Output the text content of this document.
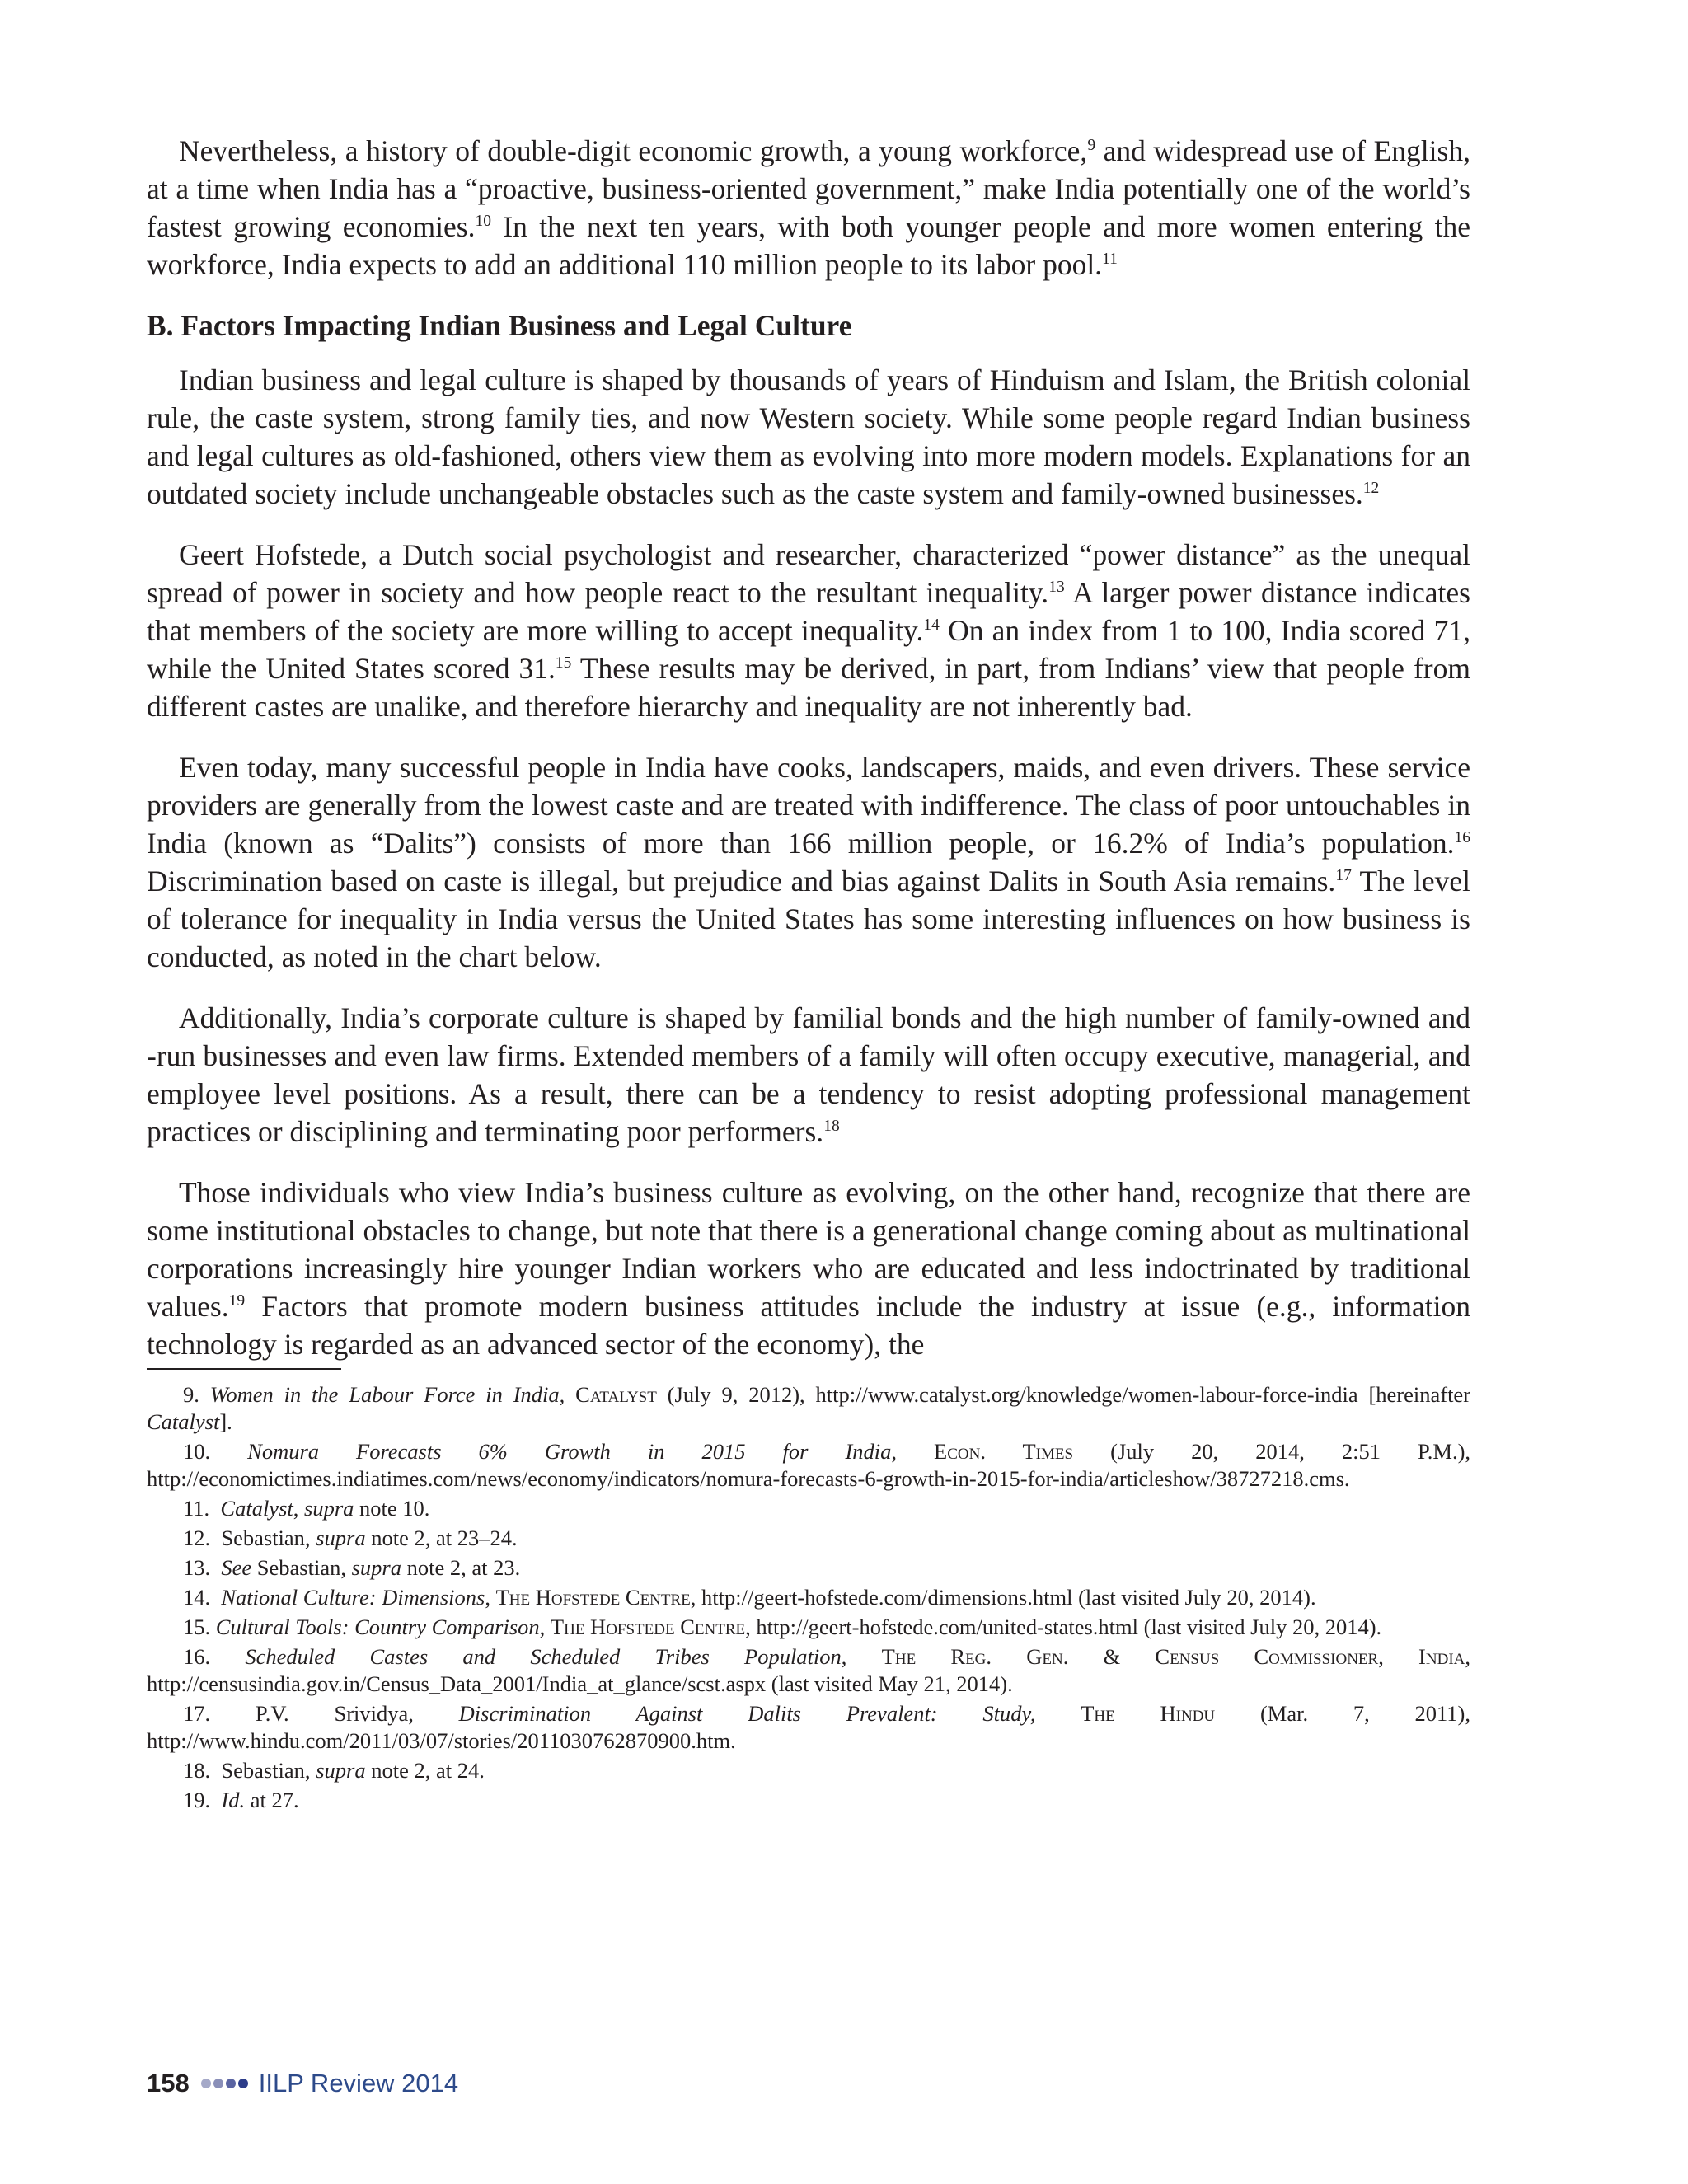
Nevertheless, a history of double-digit economic growth, a young workforce,$^9$ and widespread use of English, at a time when India has a “proactive, business-oriented government,” make India potentially one of the world’s fastest growing economies.$^{10}$ In the next ten years, with both younger people and more women entering the workforce, India expects to add an additional 110 million people to its labor pool.$^{11}$

B. Factors Impacting Indian Business and Legal Culture

Indian business and legal culture is shaped by thousands of years of Hinduism and Islam, the British colonial rule, the caste system, strong family ties, and now Western society. While some people regard Indian business and legal cultures as old-fashioned, others view them as evolving into more modern models. Explanations for an outdated society include unchangeable obstacles such as the caste system and family-owned businesses.$^{12}$

Geert Hofstede, a Dutch social psychologist and researcher, characterized “power distance” as the unequal spread of power in society and how people react to the resultant inequality.$^{13}$ A larger power distance indicates that members of the society are more willing to accept inequality.$^{14}$ On an index from 1 to 100, India scored 71, while the United States scored 31.15 These results may be derived, in part, from Indians’ view that people from different castes are unalike, and therefore hierarchy and inequality are not inherently bad.

Even today, many successful people in India have cooks, landscapers, maids, and even drivers. These service providers are generally from the lowest caste and are treated with indifference. The class of poor untouchables in India (known as “Dalits”) consists of more than 166 million people, or 16.2% of India’s population.$^{16}$ Discrimination based on caste is illegal, but prejudice and bias against Dalits in South Asia remains.$^{17}$ The level of tolerance for inequality in India versus the United States has some interesting influences on how business is conducted, as noted in the chart below.

Additionally, India’s corporate culture is shaped by familial bonds and the high number of family-owned and -run businesses and even law firms. Extended members of a family will often occupy executive, managerial, and employee level positions. As a result, there can be a tendency to resist adopting professional management practices or disciplining and terminating poor performers.$^{18}$

Those individuals who view India’s business culture as evolving, on the other hand, recognize that there are some institutional obstacles to change, but note that there is a generational change coming about as multinational corporations increasingly hire younger Indian workers who are educated and less indoctrinated by traditional values.$^{19}$ Factors that promote modern business attitudes include the industry at issue (e.g., information technology is regarded as an advanced sector of the economy), the

9. Women in the Labour Force in India, Catalyst (July 9, 2012), http://www.catalyst.org/knowledge/women-labour-force-india [hereinafter Catalyst].

10. Nomura Forecasts 6% Growth in 2015 for India, Econ. Times (July 20, 2014, 2:51 P.M.), http://economictimes.indiatimes.com/news/economy/indicators/nomura-forecasts-6-growth-in-2015-for-india/articleshow/38727218.cms.

11. Catalyst, supra note 10.

12. Sebastian, supra note 2, at 23–24.

13. See Sebastian, supra note 2, at 23.

14. National Culture: Dimensions, The Hofstede Centre, http://geert-hofstede.com/dimensions.html (last visited July 20, 2014).

15. Cultural Tools: Country Comparison, The Hofstede Centre, http://geert-hofstede.com/united-states.html (last visited July 20, 2014).

16. Scheduled Castes and Scheduled Tribes Population, The Reg. Gen. & Census Commissioner, India, http://censusindia.gov.in/Census_Data_2001/India_at_glance/scst.aspx (last visited May 21, 2014).

17. P.V. Srividya, Discrimination Against Dalits Prevalent: Study, The Hindu (Mar. 7, 2011), http://www.hindu.com/2011/03/07/stories/2011030762870900.htm.

18. Sebastian, supra note 2, at 24.

19. Id. at 27.

158	IILP Review 2014
